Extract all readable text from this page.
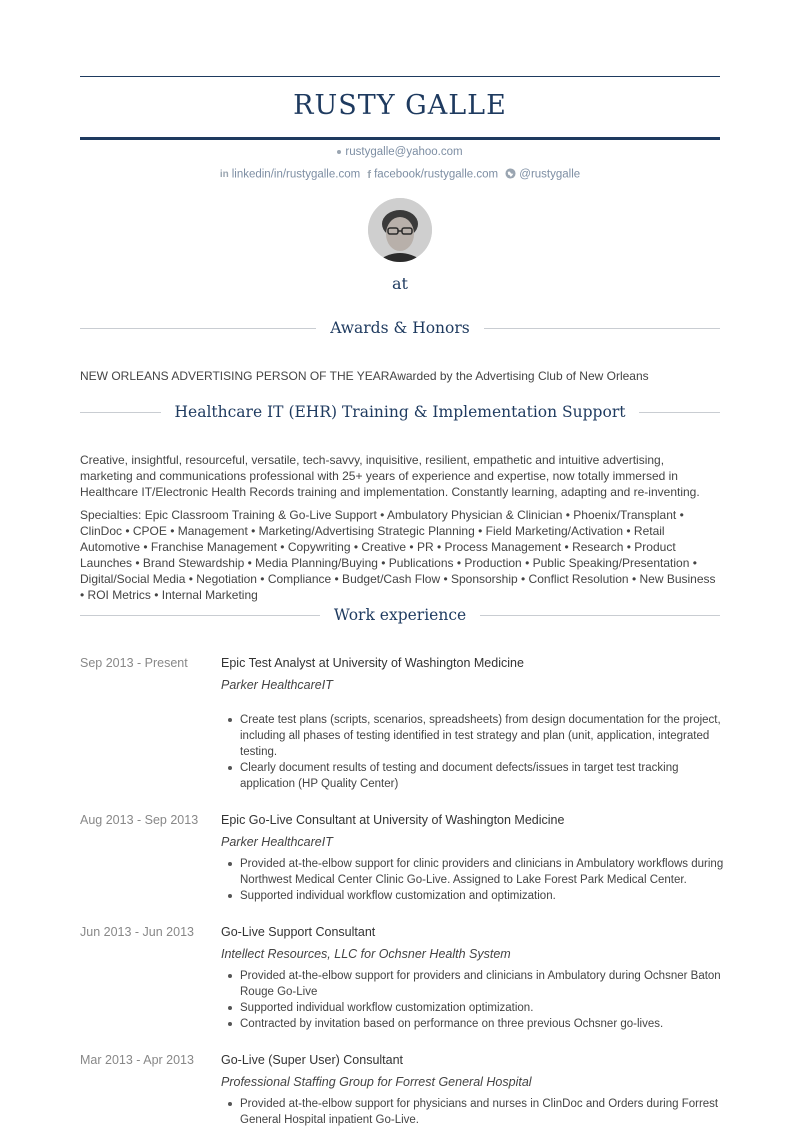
RUSTY GALLE
rustygalle@yahoo.com
in linkedin/in/rustygalle.com f facebook/rustygalle.com @rustygalle
at
Awards & Honors
NEW ORLEANS ADVERTISING PERSON OF THE YEARAwarded by the Advertising Club of New Orleans
Healthcare IT (EHR) Training & Implementation Support
Creative, insightful, resourceful, versatile, tech-savvy, inquisitive, resilient, empathetic and intuitive advertising, marketing and communications professional with 25+ years of experience and expertise, now totally immersed in Healthcare IT/Electronic Health Records training and implementation. Constantly learning, adapting and re-inventing.
Specialties: Epic Classroom Training & Go-Live Support • Ambulatory Physician & Clinician • Phoenix/Transplant • ClinDoc • CPOE • Management • Marketing/Advertising Strategic Planning • Field Marketing/Activation • Retail Automotive • Franchise Management • Copywriting • Creative • PR • Process Management • Research • Product Launches • Brand Stewardship • Media Planning/Buying • Publications • Production • Public Speaking/Presentation • Digital/Social Media • Negotiation • Compliance • Budget/Cash Flow • Sponsorship • Conflict Resolution • New Business • ROI Metrics • Internal Marketing
Work experience
Sep 2013 - Present	Epic Test Analyst at University of Washington Medicine
Parker HealthcareIT
Create test plans (scripts, scenarios, spreadsheets) from design documentation for the project, including all phases of testing identified in test strategy and plan (unit, application, integrated testing.
Clearly document results of testing and document defects/issues in target test tracking application (HP Quality Center)
Aug 2013 - Sep 2013 Epic Go-Live Consultant at University of Washington Medicine
Parker HealthcareIT
Provided at-the-elbow support for clinic providers and clinicians in Ambulatory workflows during Northwest Medical Center Clinic Go-Live. Assigned to Lake Forest Park Medical Center.
Supported individual workflow customization and optimization.
Jun 2013 - Jun 2013 Go-Live Support Consultant
Intellect Resources, LLC for Ochsner Health System
Provided at-the-elbow support for providers and clinicians in Ambulatory during Ochsner Baton Rouge Go-Live
Supported individual workflow customization optimization.
Contracted by invitation based on performance on three previous Ochsner go-lives.
Mar 2013 - Apr 2013 Go-Live (Super User) Consultant
Professional Staffing Group for Forrest General Hospital
Provided at-the-elbow support for physicians and nurses in ClinDoc and Orders during Forrest General Hospital inpatient Go-Live.
